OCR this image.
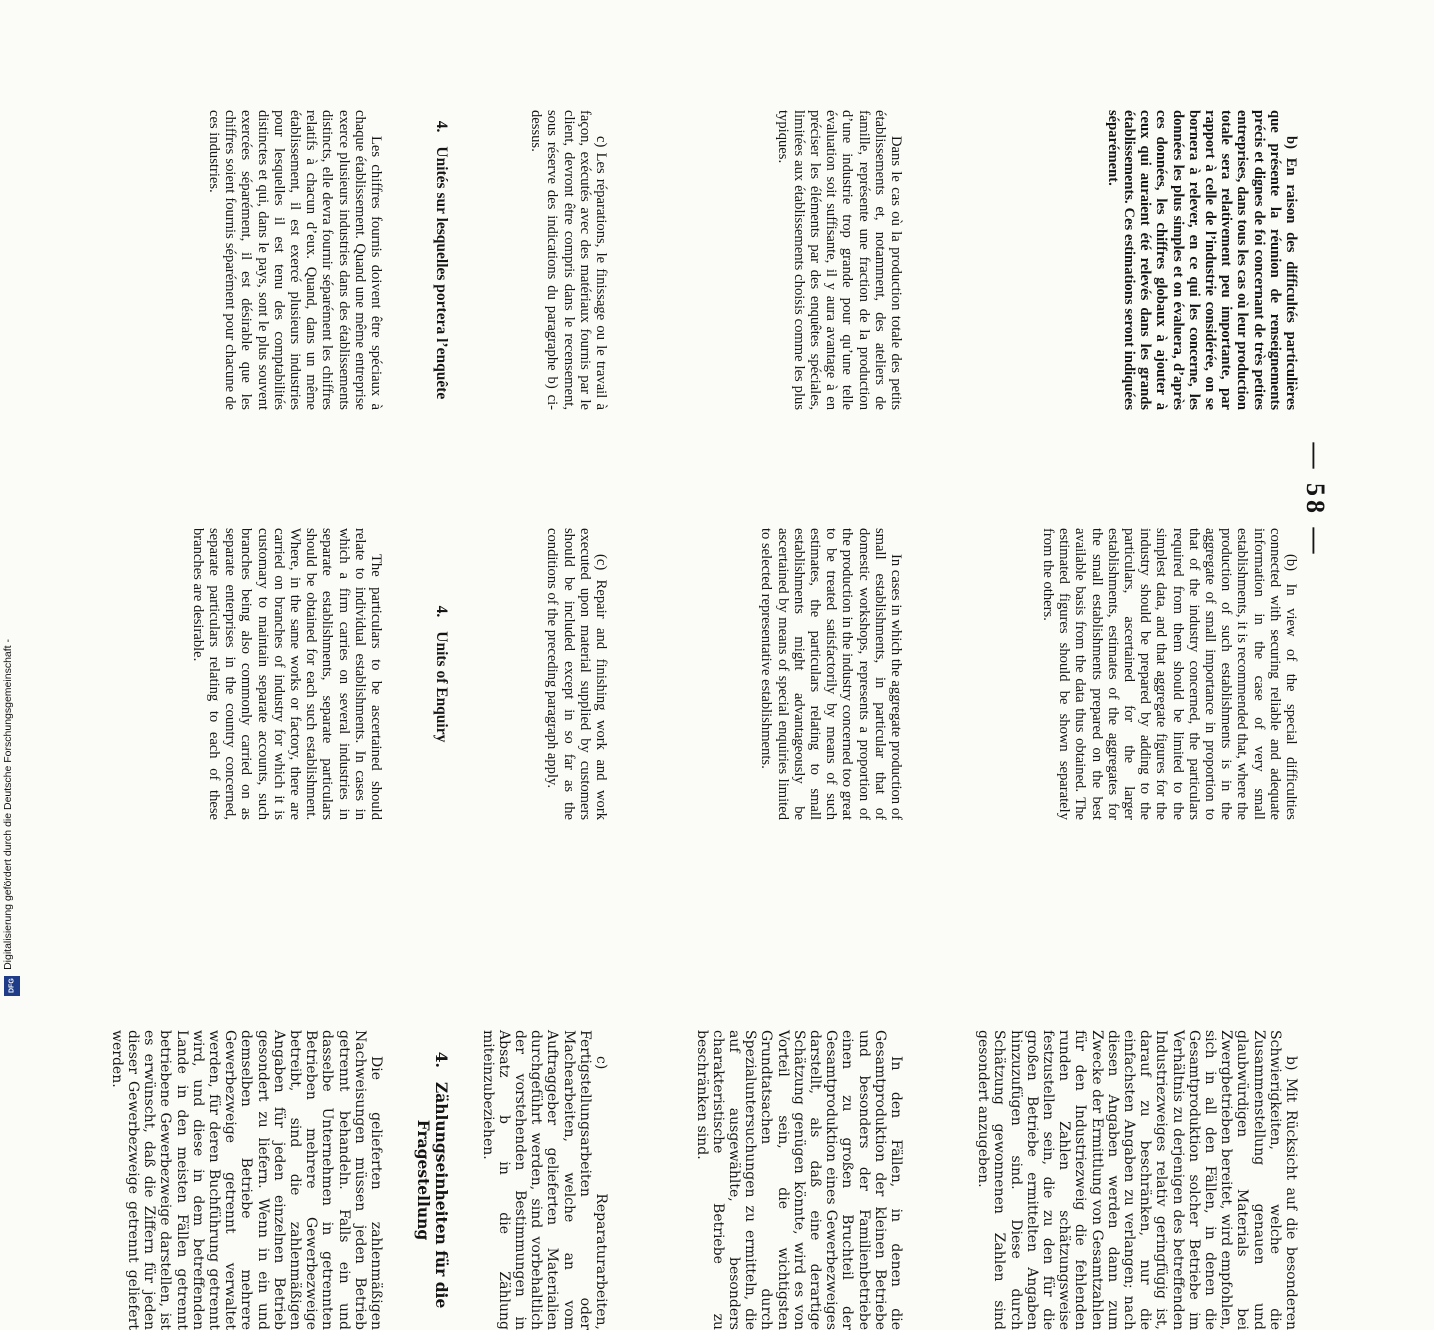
— 58 —

b) En raison des difficultés particulières que présente la réunion de renseignements précis et dignes de foi concernant de très petites entreprises, dans tous les cas où leur production totale sera relativement peu importante, par rapport à celle de l’industrie considérée, on se bornera à relever, en ce qui les concerne, les données les plus simples et on évaluera, d’après ces données, les chiffres globaux à ajouter à ceux qui auraient été relevés dans les grands établissements. Ces estimations seront indiquées séparément.

Dans le cas où la production totale des petits établissements et, notamment, des ateliers de famille, représente une fraction de la production d’une industrie trop grande pour qu’une telle évaluation soit suffisante, il y aura avantage à en préciser les éléments par des enquêtes spéciales, limitées aux établissements choisis comme les plus typiques.

c) Les réparations, le finissage ou le travail à façon, exécutés avec des matériaux fournis par le client, devront être compris dans le recensement, sous réserve des indications du paragraphe b) ci-dessus.

4.Unités sur lesquelles portera l’enquête

Les chiffres fournis doivent être spéciaux à chaque établissement. Quand une même entreprise exerce plusieurs industries dans des établissements distincts, elle devra fournir séparément les chiffres relatifs à chacun d’eux. Quand, dans un même établissement, il est exercé plusieurs industries pour lesquelles il est tenu des comptabilités distinctes et qui, dans le pays, sont le plus souvent exercées séparément, il est désirable que les chiffres soient fournis séparément pour chacune de ces industries.

(b) In view of the special difficulties connected with securing reliable and adequate information in the case of very small establishments, it is recommended that, where the production of such establishments is in the aggregate of small importance in proportion to that of the industry concerned, the particulars required from them should be limited to the simplest data, and that aggregate figures for the industry should be prepared by adding to the particulars, ascertained for the larger establishments, estimates of the aggregates for the small establishments prepared on the best available basis from the data thus obtained. The estimated figures should be shown separately from the others.

In cases in which the aggregate production of small establishments, in particular that of domestic workshops, represents a proportion of the production in the industry concerned too great to be treated satisfactorily by means of such estimates, the particulars relating to small establishments might advantageously be ascertained by means of special enquiries limited to selected representative establishments.

(c) Repair and finishing work and work executed upon material supplied by customers should be included except in so far as the conditions of the preceding paragraph apply.

4.Units of Enquiry

The particulars to be ascertained should relate to individual establishments. In cases in which a firm carries on several industries in separate establishments, separate particulars should be obtained for each such establishment. Where, in the same works or factory, there are carried on branches of industry for which it is customary to maintain separate accounts, such branches being also commonly carried on as separate enterprises in the country concerned, separate particulars relating to each of these branches are desirable.

b) Mit Rücksicht auf die besonderen Schwierigkeiten, welche die Zusammenstellung genauen und glaubwürdigen Materials bei Zwergbetrieben bereitet, wird empfohlen, sich in all den Fällen, in denen die Gesamtproduktion solcher Betriebe im Verhältnis zu derjenigen des betreffenden Industriezweiges relativ geringfügig ist, darauf zu beschränken, nur die einfachsten Angaben zu verlangen; nach diesen Angaben werden dann zum Zwecke der Ermittlung von Gesamtzahlen für den Industriezweig die fehlenden runden Zahlen schätzungsweise festzustellen sein, die zu den für die großen Betriebe ermittelten Angaben hinzuzufügen sind. Diese durch Schätzung gewonnenen Zahlen sind gesondert anzugeben.

In den Fällen, in denen die Gesamtproduktion der kleinen Betriebe und besonders der Familienbetriebe einen zu großen Bruchteil der Gesamtproduktion eines Gewerbezweiges darstellt, als daß eine derartige Schätzung genügen könnte, wird es von Vorteil sein, die wichtigsten Grundtatsachen durch Spezialuntersuchungen zu ermitteln, die auf ausgewählte, besonders charakteristische Betriebe zu beschränken sind.

c) Reparaturarbeiten, Fertigstellungsarbeiten oder Machearbeiten, welche an vom Auftraggeber gelieferten Materialien durchgeführt werden, sind vorbehaltlich der vorstehenden Bestimmungen in Absatz b in die Zählung miteinzubeziehen.

4.Zählungseinheiten für die Fragestellung

Die gelieferten zahlenmäßigen Nachweisungen müssen jeden Betrieb getrennt behandeln. Falls ein und dasselbe Unternehmen in getrennten Betrieben mehrere Gewerbezweige betreibt, sind die zahlenmäßigen Angaben für jeden einzelnen Betrieb gesondert zu liefern. Wenn in ein und demselben Betriebe mehrere Gewerbezweige getrennt verwaltet werden, für deren Buchführung getrennt wird, und diese in dem betreffenden Lande in den meisten Fällen getrennt betriebene Gewerbezweige darstellen, ist es erwünscht, daß die Ziffern für jeden dieser Gewerbezweige getrennt geliefert werden.

Digitalisierung gefördert durch die Deutsche Forschungsgemeinschaft -
DFG
